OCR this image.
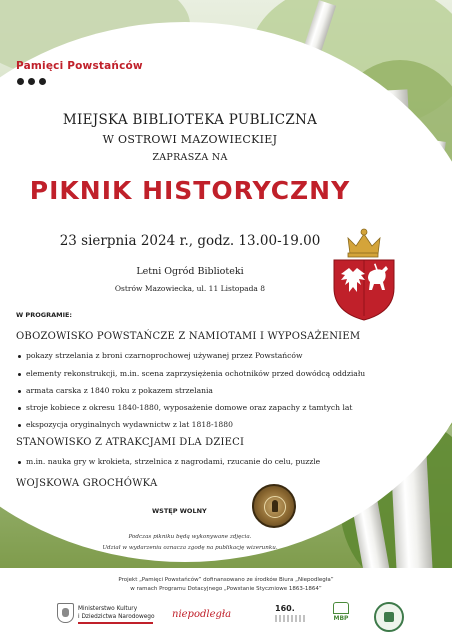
Pamięci Powstańców
MIEJSKA BIBLIOTEKA PUBLICZNA
W OSTROWI MAZOWIECKIEJ
ZAPRASZA NA
PIKNIK HISTORYCZNY
23 sierpnia 2024 r., godz. 13.00-19.00
Letni Ogród Biblioteki
Ostrów Mazowiecka, ul. 11 Listopada 8
W PROGRAMIE:
OBOZOWISKO POWSTAŃCZE Z NAMIOTAMI I WYPOSAŻENIEM
pokazy strzelania z broni czarnoprochowej używanej przez Powstańców
elementy rekonstrukcji, m.in. scena zaprzysiężenia ochotników przed dowódcą oddziału
armata carska z 1840 roku z pokazem strzelania
stroje kobiece z okresu 1840-1880, wyposażenie domowe oraz zapachy z tamtych lat
ekspozycja oryginalnych wydawnictw z lat 1818-1880
STANOWISKO Z ATRAKCJAMI DLA DZIECI
m.in. nauka gry w krokieta, strzelnica z nagrodami, rzucanie do celu, puzzle
WOJSKOWA GROCHÓWKA
WSTĘP WOLNY
Podczas pikniku będą wykonywane zdjęcia.
Udział w wydarzeniu oznacza zgodę na publikację wizerunku.
Projekt „Pamięci Powstańców” dofinansowano ze środków Biura „Niepodległa”
w ramach Programu Dotacyjnego „Powstanie Styczniowe 1863-1864”
Ministerstwo Kultury
i Dziedzictwa Narodowego niepodległa
160.
MBP
